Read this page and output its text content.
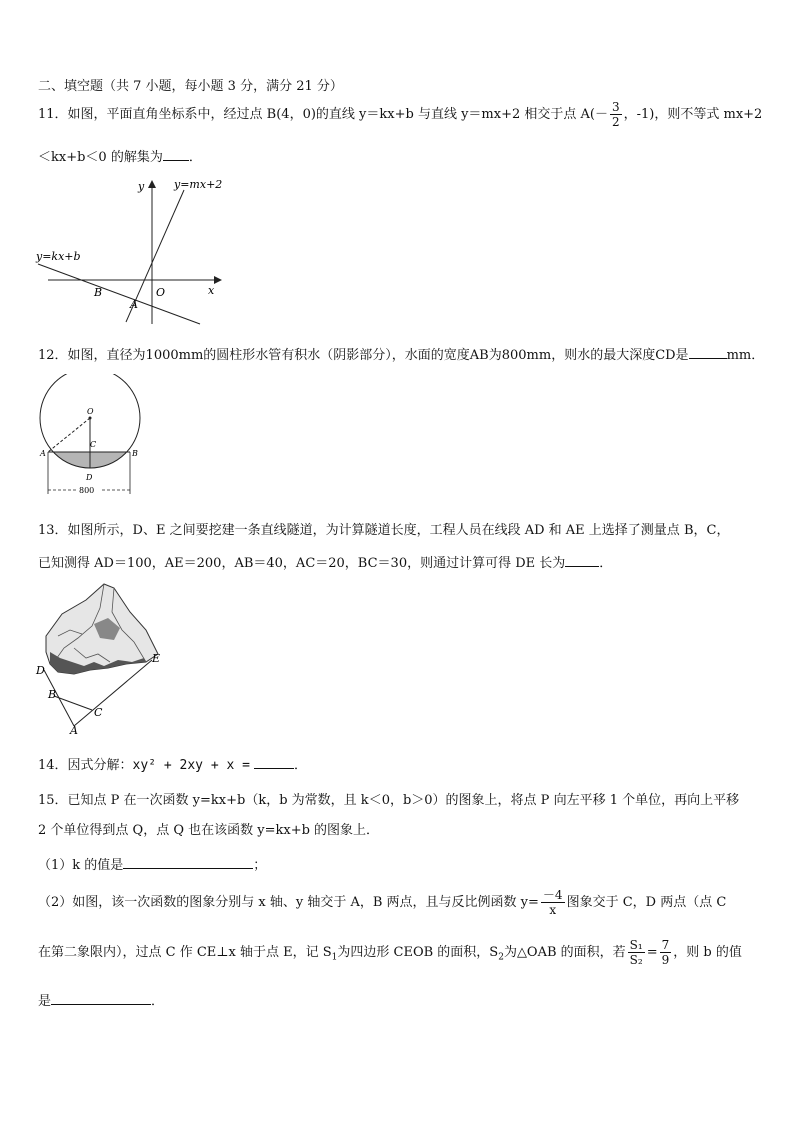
二、填空题（共 7 小题，每小题 3 分，满分 21 分）
11．如图，平面直角坐标系中，经过点 B(4，0)的直线 y＝kx+b 与直线 y＝mx+2 相交于点 $A(- \frac{3}{2}$ ，-1)，则不等式 mx+2
＜kx+b＜0 的解集为 ．
y=mx+2
y=kx+b
y
x
B	O
A
12．如图，直径为1000mm的圆柱形水管有积水（阴影部分），水面的宽度AB为800mm，则水的最大深度CD是	mm．
O
C
A	B
D
800
13．如图所示，D、E 之间要挖建一条直线隧道，为计算隧道长度，工程人员在线段 AD 和 AE 上选择了测量点 B，C，
已知测得 AD＝100，AE＝200，AB＝40，AC＝20，BC＝30，则通过计算可得 DE 长为	．
D
E
B
C
A
14．因式分解：xy² + 2xy + x =	．
15．已知点 P 在一次函数 y=kx+b（k，b 为常数，且 k＜0，b＞0）的图象上，将点 P 向左平移 1 个单位，再向上平移
2 个单位得到点 Q，点 Q 也在该函数 y=kx+b 的图象上．
（1）k 的值是	；
（2）如图，该一次函数的图象分别与 x 轴、y 轴交于 A，B 两点，且与反比例函数 $y= \frac{-4}{x}$ 图象交于 C，D 两点（点 C
在第二象限内），过点 C 作 CE⊥x 轴于点 E，记 $S_1$为四边形 CEOB 的面积，$S_2$为△OAB 的面积，若 $\frac{\text{S₁}}{\text{S₂}} = \frac{7}{9}$ ，则 b 的值
是	．
